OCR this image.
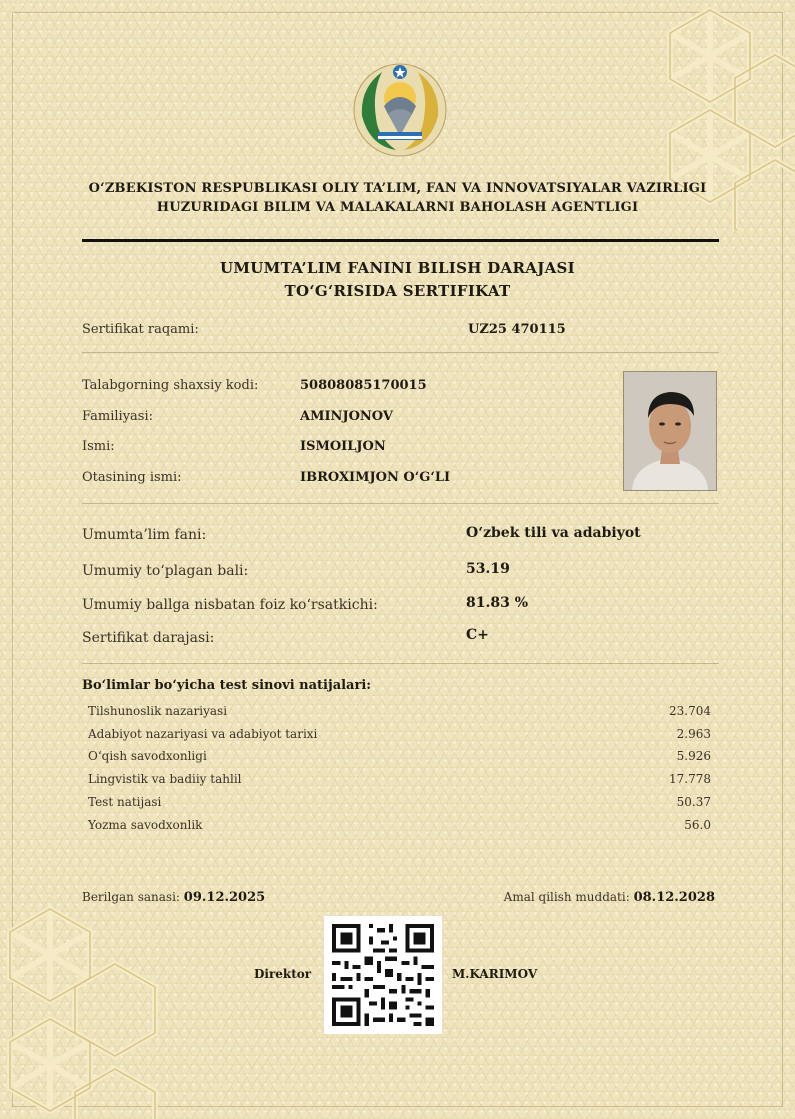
O‘ZBEKISTON RESPUBLIKASI OLIY TA’LIM, FAN VA INNOVATSIYALAR VAZIRLIGI
HUZURIDAGI BILIM VA MALAKALARNI BAHOLASH AGENTLIGI
UMUMTA’LIM FANINI BILISH DARAJASI
TO‘G‘RISIDA SERTIFIKAT
Sertifikat raqami:	UZ25 470115
Talabgorning shaxsiy kodi:	50808085170015
Familiyasi:	AMINJONOV
Ismi:	ISMOILJON
Otasining ismi:	IBROXIMJON O‘G‘LI
Umumta’lim fani:	O‘zbek tili va adabiyot
Umumiy to‘plagan bali:	53.19
Umumiy ballga nisbatan foiz ko‘rsatkichi:	81.83 %
Sertifikat darajasi:	C+
Bo‘limlar bo‘yicha test sinovi natijalari:
Tilshunoslik nazariyasi	23.704
Adabiyot nazariyasi va adabiyot tarixi	2.963
O‘qish savodxonligi	5.926
Lingvistik va badiiy tahlil	17.778
Test natijasi	50.37
Yozma savodxonlik	56.0
Berilgan sanasi: 09.12.2025	Amal qilish muddati: 08.12.2028
Direktor	M.KARIMOV
